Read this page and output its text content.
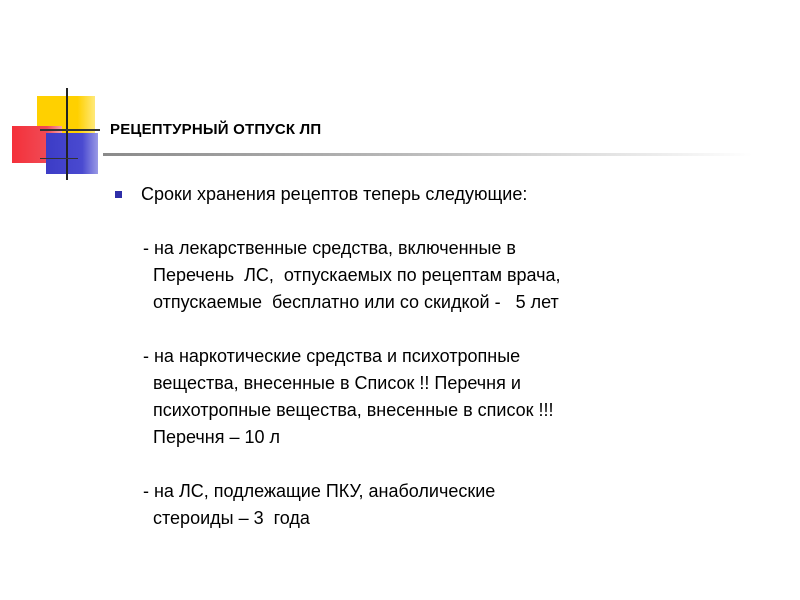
РЕЦЕПТУРНЫЙ ОТПУСК ЛП
Сроки хранения рецептов теперь следующие:
- на лекарственные средства, включенные в
Перечень  ЛС,  отпускаемых по рецептам врача,
отпускаемые  бесплатно или со скидкой -   5 лет
- на наркотические средства и психотропные
вещества, внесенные в Список !! Перечня и
психотропные вещества, внесенные в список !!!
Перечня – 10 л
- на ЛС, подлежащие ПКУ, анаболические
стероиды – 3  года
